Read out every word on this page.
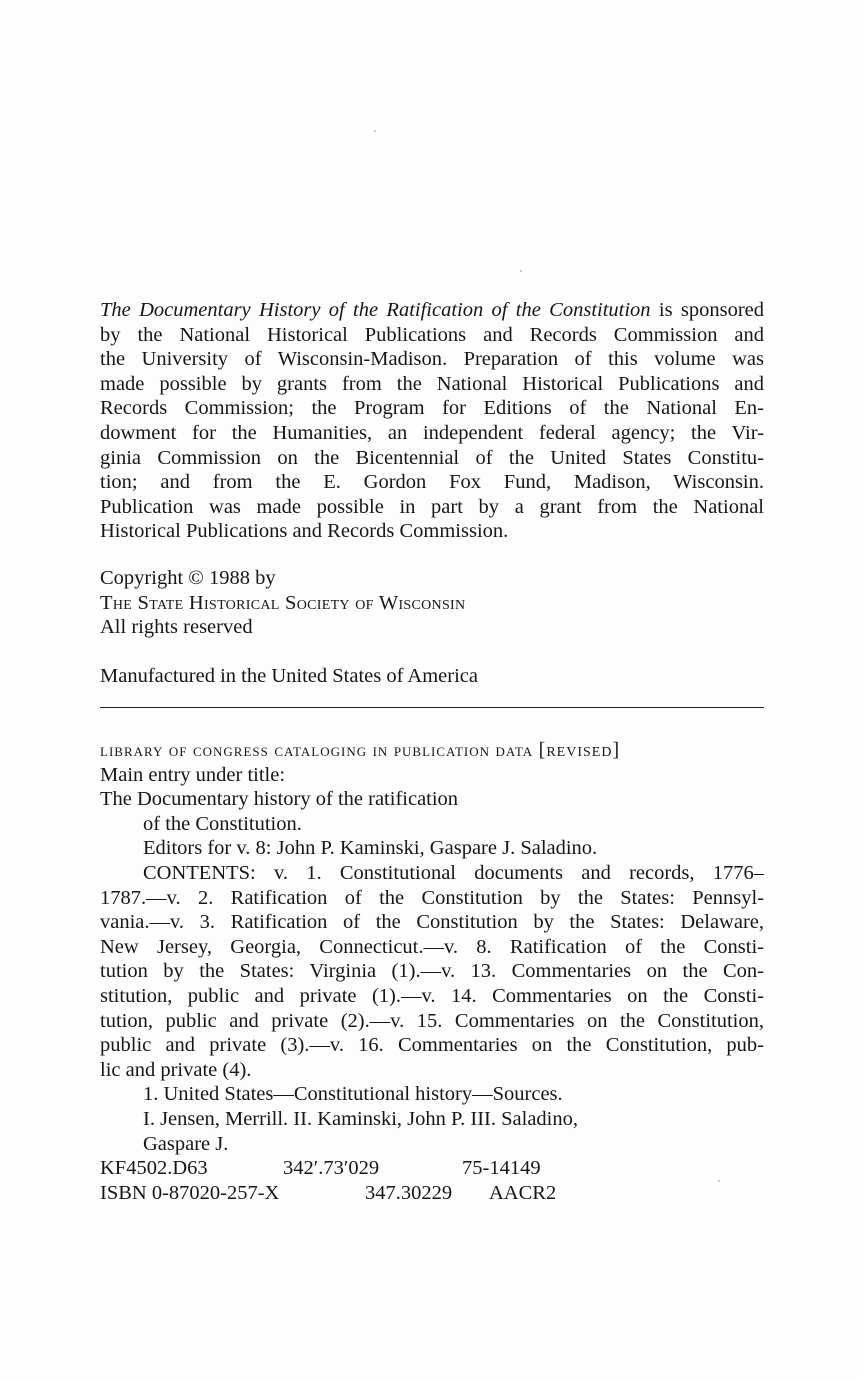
The Documentary History of the Ratification of the Constitution is sponsored
by the National Historical Publications and Records Commission and
the University of Wisconsin-Madison. Preparation of this volume was
made possible by grants from the National Historical Publications and
Records Commission; the Program for Editions of the National En-
dowment for the Humanities, an independent federal agency; the Vir-
ginia Commission on the Bicentennial of the United States Constitu-
tion; and from the E. Gordon Fox Fund, Madison, Wisconsin.
Publication was made possible in part by a grant from the National
Historical Publications and Records Commission.

Copyright © 1988 by
The State Historical Society of Wisconsin
All rights reserved
Manufactured in the United States of America
library of congress cataloging in publication data [revised]
Main entry under title:
The Documentary history of the ratification
of the Constitution.
Editors for v. 8: John P. Kaminski, Gaspare J. Saladino.
CONTENTS: v. 1. Constitutional documents and records, 1776–
1787.—v. 2. Ratification of the Constitution by the States: Pennsyl-
vania.—v. 3. Ratification of the Constitution by the States: Delaware,
New Jersey, Georgia, Connecticut.—v. 8. Ratification of the Consti-
tution by the States: Virginia (1).—v. 13. Commentaries on the Con-
stitution, public and private (1).—v. 14. Commentaries on the Consti-
tution, public and private (2).—v. 15. Commentaries on the Constitution,
public and private (3).—v. 16. Commentaries on the Constitution, pub-
lic and private (4).
1. United States—Constitutional history—Sources.
I. Jensen, Merrill. II. Kaminski, John P. III. Saladino,
Gaspare J.
KF4502.D63	342′.73′029	75-14149
ISBN 0-87020-257-X	347.30229 AACR2
